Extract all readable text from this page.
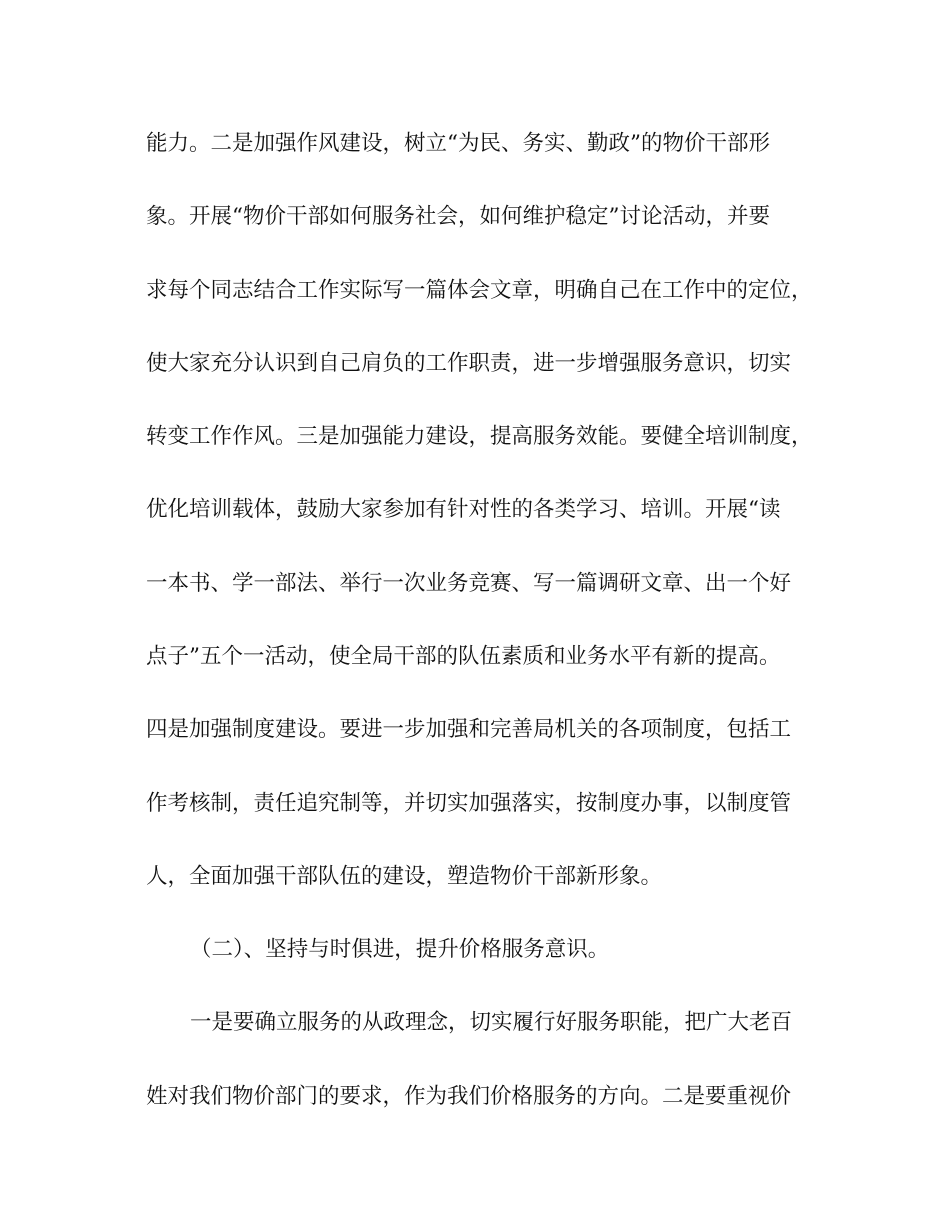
能力。二是加强作风建设，树立“为民、务实、勤政”的物价干部形
象。开展“物价干部如何服务社会，如何维护稳定”讨论活动，并要
求每个同志结合工作实际写一篇体会文章，明确自己在工作中的定位，
使大家充分认识到自己肩负的工作职责，进一步增强服务意识，切实
转变工作作风。三是加强能力建设，提高服务效能。要健全培训制度，
优化培训载体，鼓励大家参加有针对性的各类学习、培训。开展“读
一本书、学一部法、举行一次业务竞赛、写一篇调研文章、出一个好
点子”五个一活动，使全局干部的队伍素质和业务水平有新的提高。
四是加强制度建设。要进一步加强和完善局机关的各项制度，包括工
作考核制，责任追究制等，并切实加强落实，按制度办事，以制度管
人，全面加强干部队伍的建设，塑造物价干部新形象。
（二）、坚持与时俱进，提升价格服务意识。
一是要确立服务的从政理念，切实履行好服务职能，把广大老百
姓对我们物价部门的要求，作为我们价格服务的方向。二是要重视价
